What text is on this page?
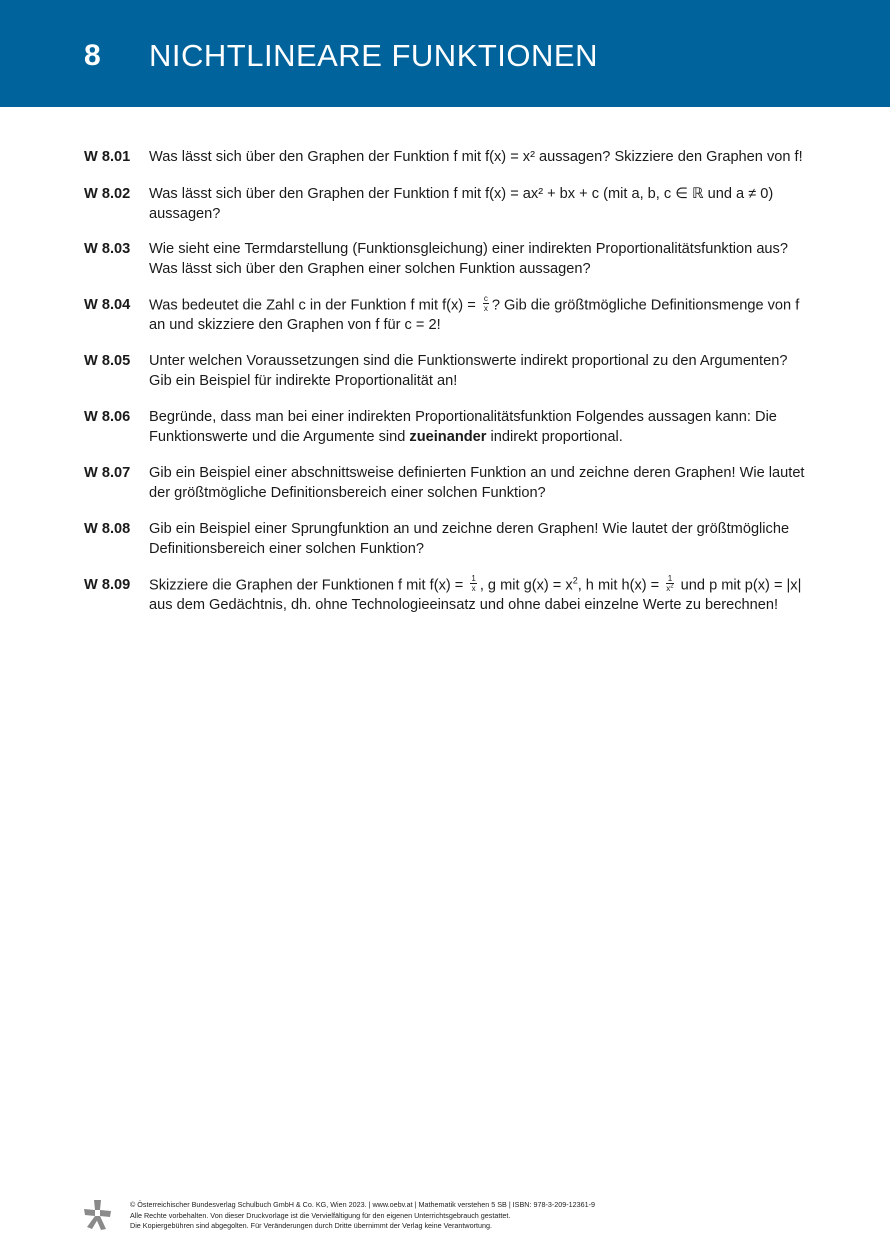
8 NICHTLINEARE FUNKTIONEN
W 8.01 Was lässt sich über den Graphen der Funktion f mit f(x) = x² aussagen? Skizziere den Graphen von f!
W 8.02 Was lässt sich über den Graphen der Funktion f mit f(x) = ax² + bx + c (mit a, b, c ∈ ℝ und a ≠ 0) aussagen?
W 8.03 Wie sieht eine Termdarstellung (Funktionsgleichung) einer indirekten Proportionalitätsfunktion aus? Was lässt sich über den Graphen einer solchen Funktion aussagen?
W 8.04 Was bedeutet die Zahl c in der Funktion f mit $f(x) = \frac{c}{x}$ ? Gib die größtmögliche Definitionsmenge von f an und skizziere den Graphen von f für c = 2!
W 8.05 Unter welchen Voraussetzungen sind die Funktionswerte indirekt proportional zu den Argumenten? Gib ein Beispiel für indirekte Proportionalität an!
W 8.06 Begründe, dass man bei einer indirekten Proportionalitätsfunktion Folgendes aussagen kann: Die Funktionswerte und die Argumente sind zueinander indirekt proportional.
W 8.07 Gib ein Beispiel einer abschnittsweise definierten Funktion an und zeichne deren Graphen! Wie lautet der größtmögliche Definitionsbereich einer solchen Funktion?
W 8.08 Gib ein Beispiel einer Sprungfunktion an und zeichne deren Graphen! Wie lautet der größtmögliche Definitionsbereich einer solchen Funktion?
W 8.09 Skizziere die Graphen der Funktionen f mit $f(x) = \frac{1}{x}$ , g mit $g(x) = x^2$, h mit $h(x) = \frac{1}{x^2}$ und p mit p(x) = |x| aus dem Gedächtnis, dh. ohne Technologieeinsatz und ohne dabei einzelne Werte zu berechnen!
© Österreichischer Bundesverlag Schulbuch GmbH & Co. KG, Wien 2023. | www.oebv.at | Mathematik verstehen 5 SB | ISBN: 978-3-209-12361-9
Alle Rechte vorbehalten. Von dieser Druckvorlage ist die Vervielfältigung für den eigenen Unterrichtsgebrauch gestattet.
Die Kopiergebühren sind abgegolten. Für Veränderungen durch Dritte übernimmt der Verlag keine Verantwortung.
